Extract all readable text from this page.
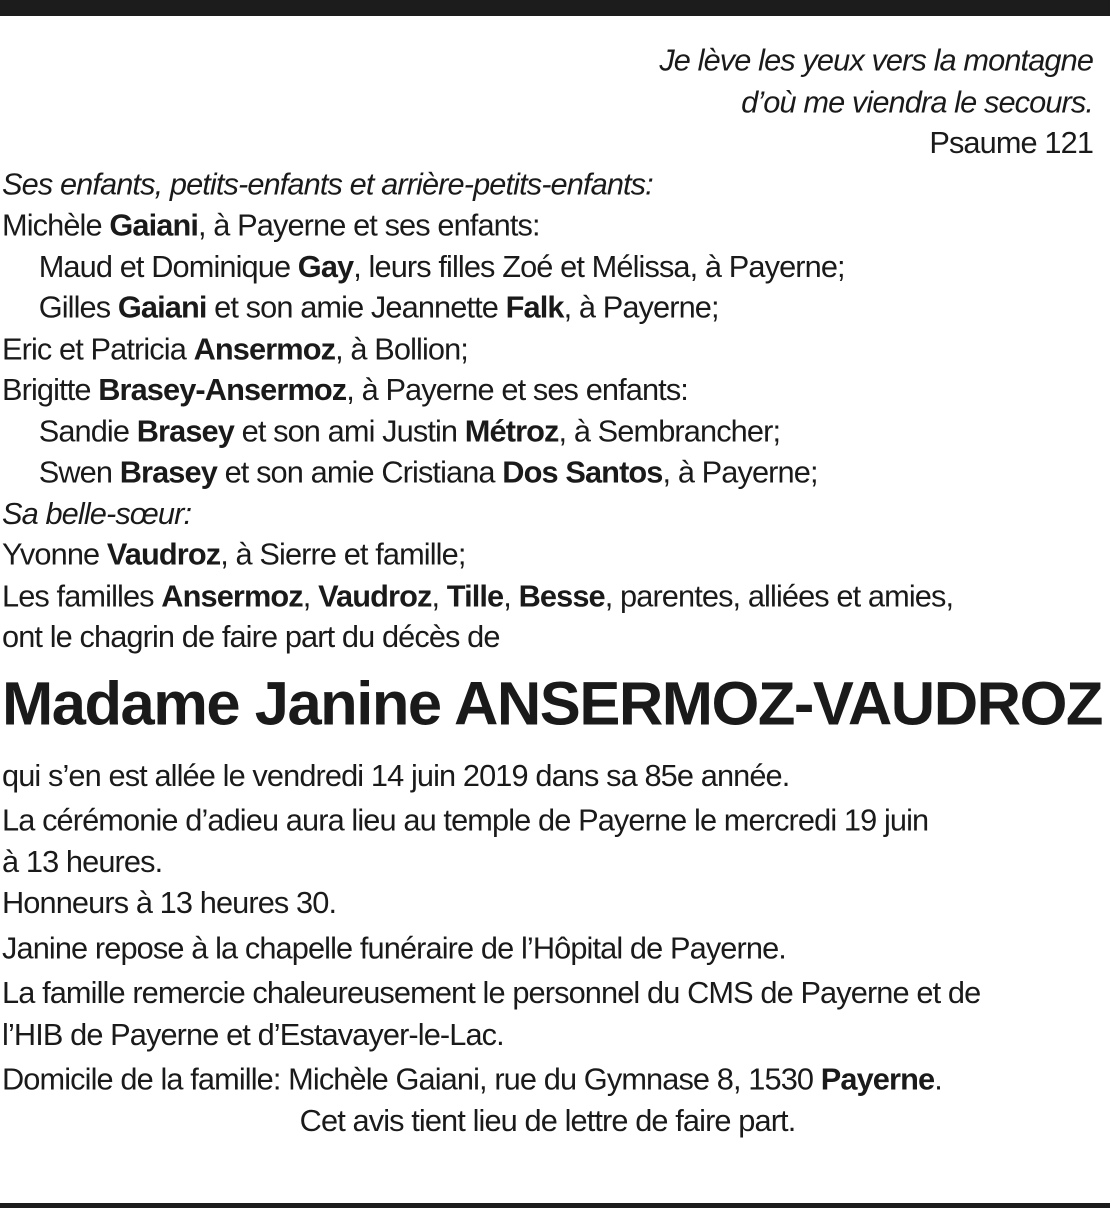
Je lève les yeux vers la montagne
d’où me viendra le secours.
Psaume 121
Ses enfants, petits-enfants et arrière-petits-enfants:
Michèle Gaiani, à Payerne et ses enfants:
Maud et Dominique Gay, leurs filles Zoé et Mélissa, à Payerne;
Gilles Gaiani et son amie Jeannette Falk, à Payerne;
Eric et Patricia Ansermoz, à Bollion;
Brigitte Brasey-Ansermoz, à Payerne et ses enfants:
Sandie Brasey et son ami Justin Métroz, à Sembrancher;
Swen Brasey et son amie Cristiana Dos Santos, à Payerne;
Sa belle-sœur:
Yvonne Vaudroz, à Sierre et famille;
Les familles Ansermoz, Vaudroz, Tille, Besse, parentes, alliées et amies,
ont le chagrin de faire part du décès de
Madame Janine ANSERMOZ-VAUDROZ
qui s’en est allée le vendredi 14 juin 2019 dans sa 85e année.
La cérémonie d’adieu aura lieu au temple de Payerne le mercredi 19 juin
à 13 heures.
Honneurs à 13 heures 30.
Janine repose à la chapelle funéraire de l’Hôpital de Payerne.
La famille remercie chaleureusement le personnel du CMS de Payerne et de
l’HIB de Payerne et d’Estavayer-le-Lac.
Domicile de la famille: Michèle Gaiani, rue du Gymnase 8, 1530 Payerne.
Cet avis tient lieu de lettre de faire part.
